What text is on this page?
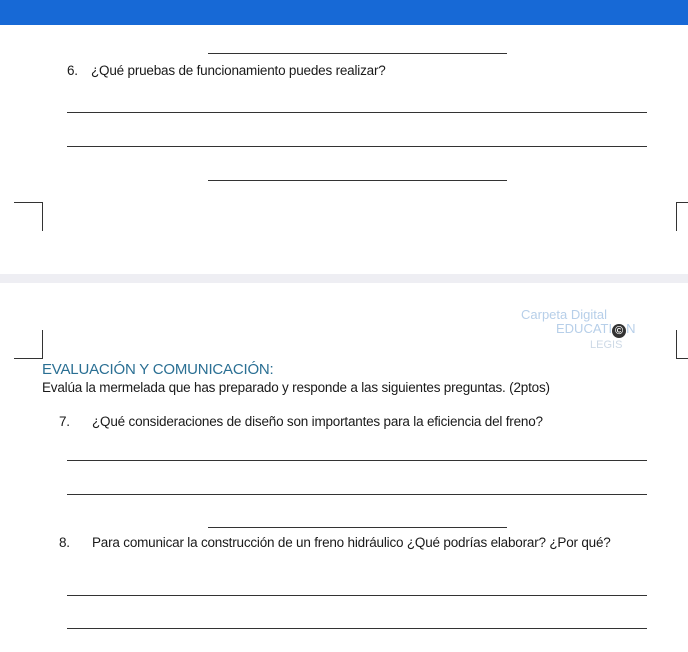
6. ¿Qué pruebas de funcionamiento puedes realizar?
Carpeta Digital
EDUCATI © N
LEGIS
EVALUACIÓN Y COMUNICACIÓN:
Evalúa la mermelada que has preparado y responde a las siguientes preguntas. (2ptos)
7. ¿Qué consideraciones de diseño son importantes para la eficiencia del freno?
8. Para comunicar la construcción de un freno hidráulico ¿Qué podrías elaborar? ¿Por qué?
